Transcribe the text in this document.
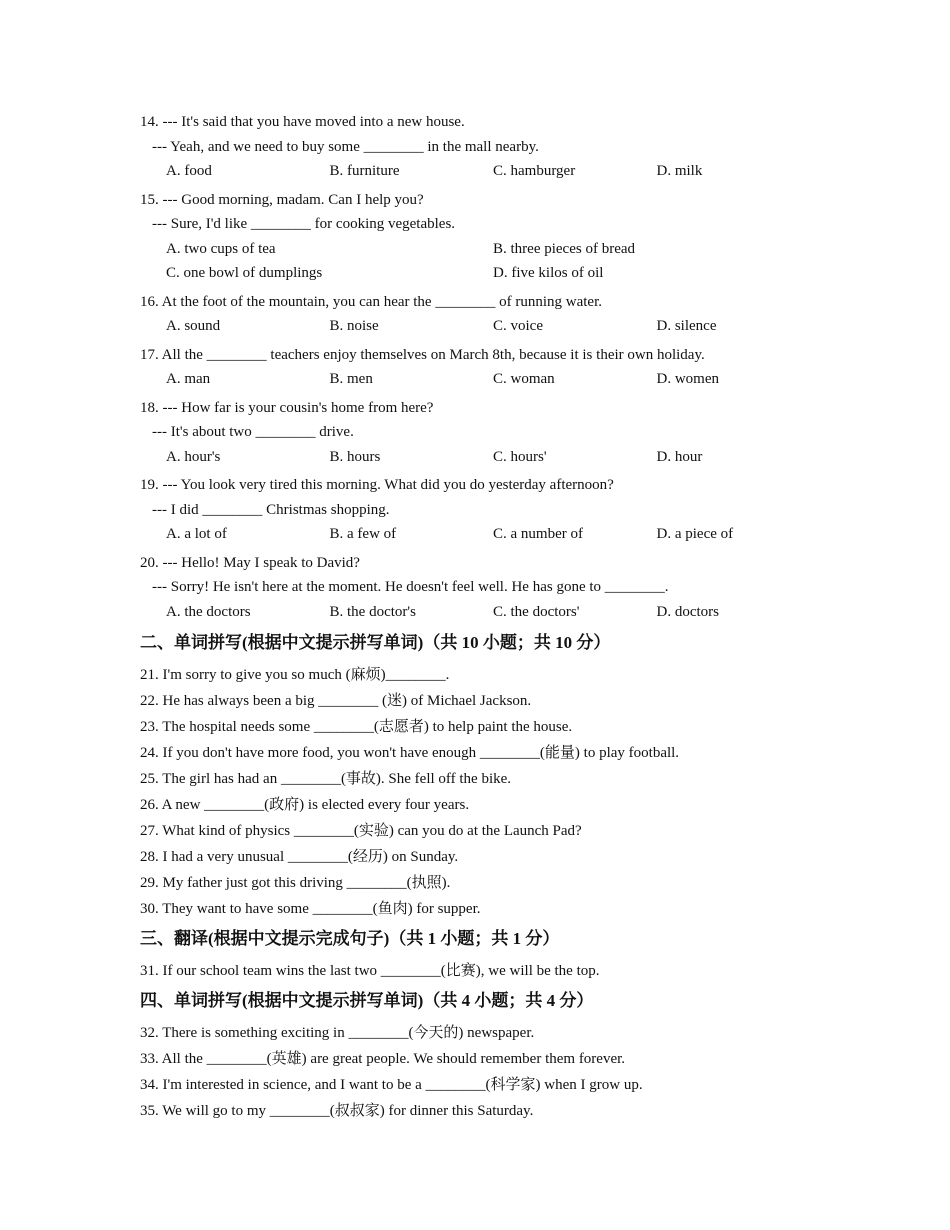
14. --- It's said that you have moved into a new house.
--- Yeah, and we need to buy some ________ in the mall nearby.
A. food	B. furniture	C. hamburger	D. milk
15. --- Good morning, madam. Can I help you?
--- Sure, I'd like ________ for cooking vegetables.
A. two cups of tea	B. three pieces of bread
C. one bowl of dumplings	D. five kilos of oil
16. At the foot of the mountain, you can hear the ________ of running water.
A. sound	B. noise	C. voice	D. silence
17. All the ________ teachers enjoy themselves on March 8th, because it is their own holiday.
A. man	B. men	C. woman	D. women
18. --- How far is your cousin's home from here?
--- It's about two ________ drive.
A. hour's	B. hours	C. hours'	D. hour
19. --- You look very tired this morning. What did you do yesterday afternoon?
--- I did ________ Christmas shopping.
A. a lot of	B. a few of	C. a number of	D. a piece of
20. --- Hello! May I speak to David?
--- Sorry! He isn't here at the moment. He doesn't feel well. He has gone to ________.
A. the doctors	B. the doctor's	C. the doctors'	D. doctors
二、单词拼写(根据中文提示拼写单词)（共 10 小题；共 10 分）
21. I'm sorry to give you so much (麻烦)________.
22. He has always been a big ________ (迷) of Michael Jackson.
23. The hospital needs some ________(志愿者) to help paint the house.
24. If you don't have more food, you won't have enough ________(能量) to play football.
25. The girl has had an ________(事故). She fell off the bike.
26. A new ________(政府) is elected every four years.
27. What kind of physics ________(实验) can you do at the Launch Pad?
28. I had a very unusual ________(经历) on Sunday.
29. My father just got this driving ________(执照).
30. They want to have some ________(鱼肉) for supper.
三、翻译(根据中文提示完成句子)（共 1 小题；共 1 分）
31. If our school team wins the last two ________(比赛), we will be the top.
四、单词拼写(根据中文提示拼写单词)（共 4 小题；共 4 分）
32. There is something exciting in ________(今天的) newspaper.
33. All the ________(英雄) are great people. We should remember them forever.
34. I'm interested in science, and I want to be a ________(科学家) when I grow up.
35. We will go to my ________(叔叔家) for dinner this Saturday.
